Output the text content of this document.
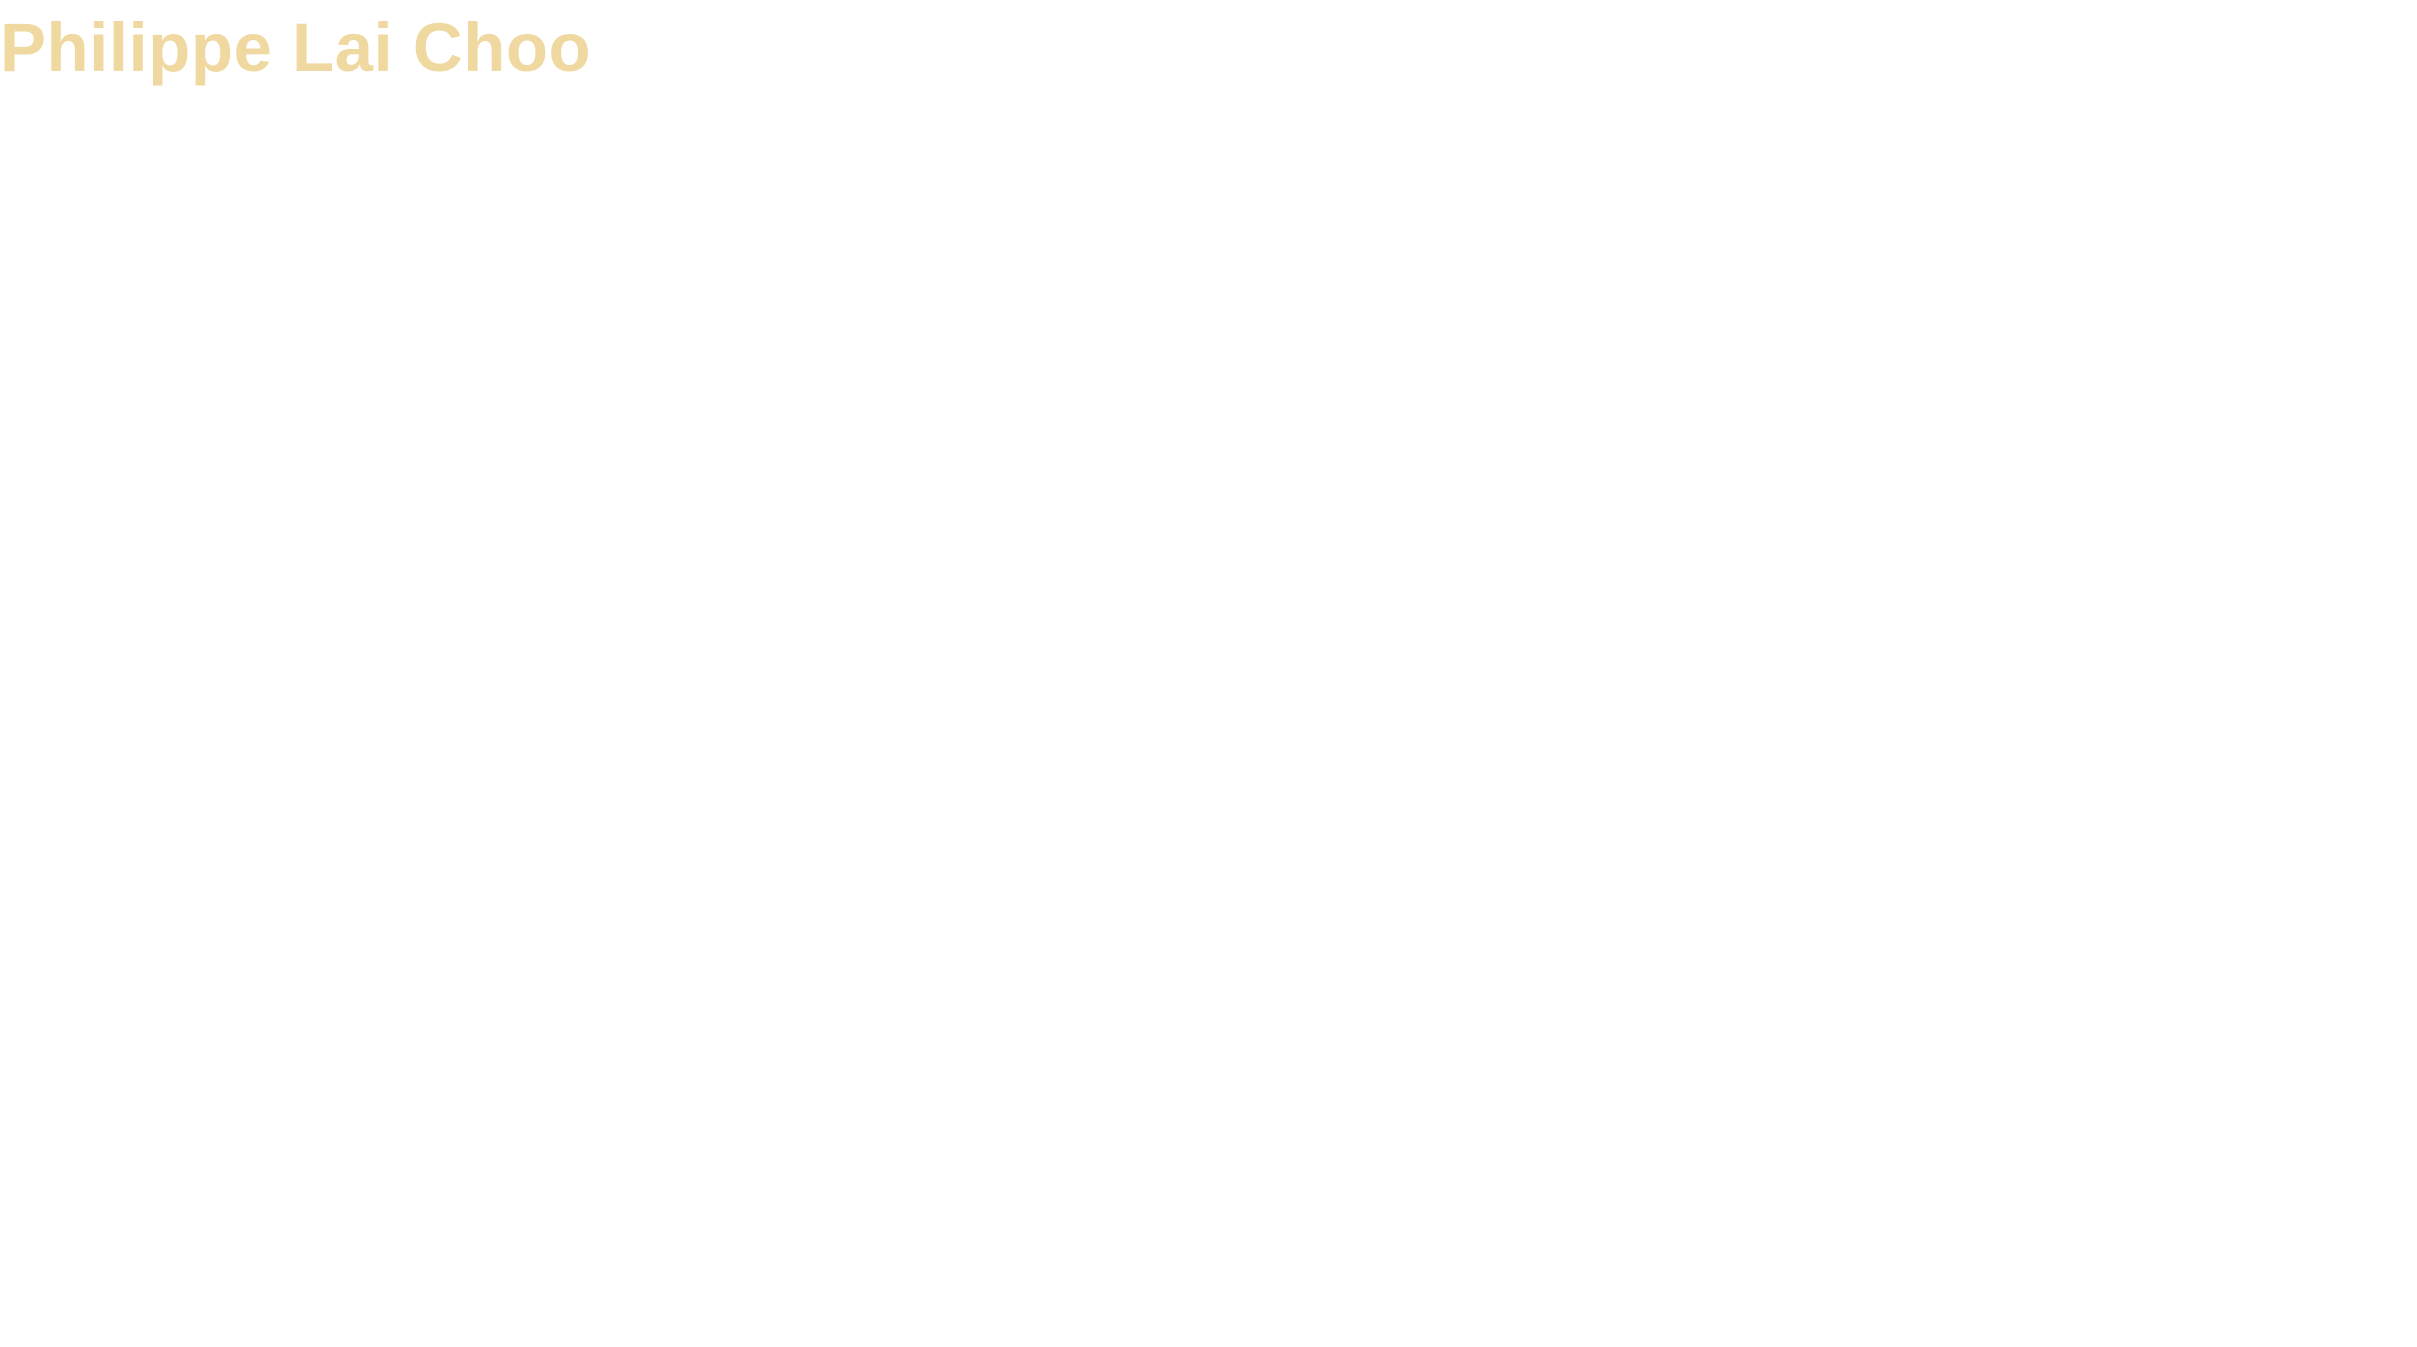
Philippe Lai Choo
